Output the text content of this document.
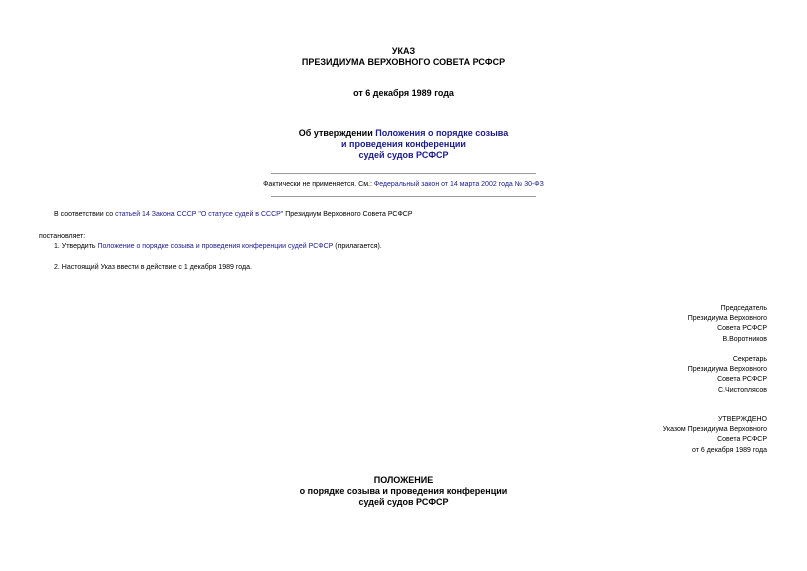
УКАЗ
ПРЕЗИДИУМА ВЕРХОВНОГО СОВЕТА РСФСР
от 6 декабря 1989 года
Об утверждении Положения о порядке созыва
и проведения конференции
судей судов РСФСР
Фактически не применяется. См.: Федеральный закон от 14 марта 2002 года № 30-ФЗ
В соответствии со статьей 14 Закона СССР "О статусе судей в СССР" Президиум Верховного Совета РСФСР
постановляет:
1. Утвердить Положение о порядке созыва и проведения конференции судей РСФСР (прилагается).
2. Настоящий Указ ввести в действие с 1 декабря 1989 года.
Председатель
Президиума Верховного
Совета РСФСР
В.Воротников
Секретарь
Президиума Верховного
Совета РСФСР
С.Чистоплясов
УТВЕРЖДЕНО
Указом Президиума Верховного
Совета РСФСР
от 6 декабря 1989 года
ПОЛОЖЕНИЕ
о порядке созыва и проведения конференции
судей судов РСФСР
